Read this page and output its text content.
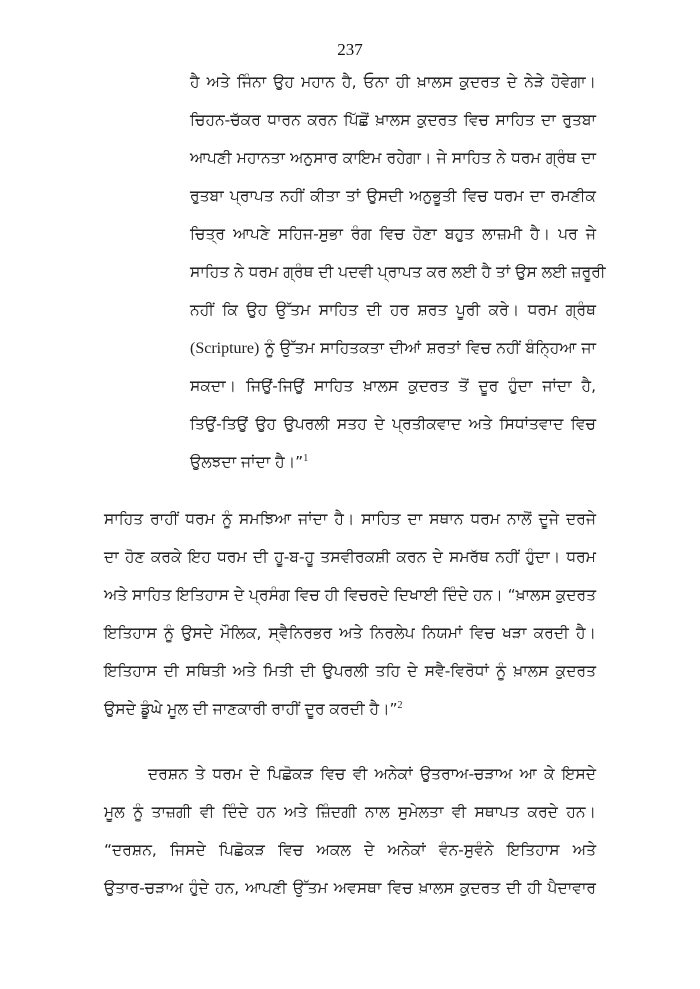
237
ਹੈ ਅਤੇ ਜਿੰਨਾ ਉਹ ਮਹਾਨ ਹੈ, ਓਨਾ ਹੀ ਖ਼ਾਲਸ ਕੁਦਰਤ ਦੇ ਨੇੜੇ ਹੋਵੇਗਾ।
ਚਿਹਨ-ਚੱਕਰ ਧਾਰਨ ਕਰਨ ਪਿੱਛੋਂ ਖ਼ਾਲਸ ਕੁਦਰਤ ਵਿਚ ਸਾਹਿਤ ਦਾ ਰੁਤਬਾ
ਆਪਣੀ ਮਹਾਨਤਾ ਅਨੁਸਾਰ ਕਾਇਮ ਰਹੇਗਾ। ਜੇ ਸਾਹਿਤ ਨੇ ਧਰਮ ਗ੍ਰੰਥ ਦਾ
ਰੁਤਬਾ ਪ੍ਰਾਪਤ ਨਹੀਂ ਕੀਤਾ ਤਾਂ ਉਸਦੀ ਅਨੁਭੂਤੀ ਵਿਚ ਧਰਮ ਦਾ ਰਮਣੀਕ
ਚਿਤ੍ਰ ਆਪਣੇ ਸਹਿਜ-ਸੁਭਾ ਰੰਗ ਵਿਚ ਹੋਣਾ ਬਹੁਤ ਲਾਜ਼ਮੀ ਹੈ। ਪਰ ਜੇ
ਸਾਹਿਤ ਨੇ ਧਰਮ ਗ੍ਰੰਥ ਦੀ ਪਦਵੀ ਪ੍ਰਾਪਤ ਕਰ ਲਈ ਹੈ ਤਾਂ ਉਸ ਲਈ ਜ਼ਰੂਰੀ
ਨਹੀਂ ਕਿ ਉਹ ਉੱਤਮ ਸਾਹਿਤ ਦੀ ਹਰ ਸ਼ਰਤ ਪੂਰੀ ਕਰੇ। ਧਰਮ ਗ੍ਰੰਥ
(Scripture) ਨੂੰ ਉੱਤਮ ਸਾਹਿਤਕਤਾ ਦੀਆਂ ਸ਼ਰਤਾਂ ਵਿਚ ਨਹੀਂ ਬੰਨ੍ਹਿਆ ਜਾ
ਸਕਦਾ। ਜਿਉਂ-ਜਿਉਂ ਸਾਹਿਤ ਖ਼ਾਲਸ ਕੁਦਰਤ ਤੋਂ ਦੂਰ ਹੁੰਦਾ ਜਾਂਦਾ ਹੈ,
ਤਿਉਂ-ਤਿਉਂ ਉਹ ਉਪਰਲੀ ਸਤਹ ਦੇ ਪ੍ਰਤੀਕਵਾਦ ਅਤੇ ਸਿਧਾਂਤਵਾਦ ਵਿਚ
ਉਲਝਦਾ ਜਾਂਦਾ ਹੈ।”$^1$
ਸਾਹਿਤ ਰਾਹੀਂ ਧਰਮ ਨੂੰ ਸਮਝਿਆ ਜਾਂਦਾ ਹੈ। ਸਾਹਿਤ ਦਾ ਸਥਾਨ ਧਰਮ ਨਾਲੋਂ ਦੂਜੇ ਦਰਜੇ
ਦਾ ਹੋਣ ਕਰਕੇ ਇਹ ਧਰਮ ਦੀ ਹੂ-ਬ-ਹੂ ਤਸਵੀਰਕਸ਼ੀ ਕਰਨ ਦੇ ਸਮਰੱਥ ਨਹੀਂ ਹੁੰਦਾ। ਧਰਮ
ਅਤੇ ਸਾਹਿਤ ਇਤਿਹਾਸ ਦੇ ਪ੍ਰਸੰਗ ਵਿਚ ਹੀ ਵਿਚਰਦੇ ਦਿਖਾਈ ਦਿੰਦੇ ਹਨ। “ਖ਼ਾਲਸ ਕੁਦਰਤ
ਇਤਿਹਾਸ ਨੂੰ ਉਸਦੇ ਮੌਲਿਕ, ਸ੍ਵੈਨਿਰਭਰ ਅਤੇ ਨਿਰਲੇਪ ਨਿਯਮਾਂ ਵਿਚ ਖੜਾ ਕਰਦੀ ਹੈ।
ਇਤਿਹਾਸ ਦੀ ਸਥਿਤੀ ਅਤੇ ਮਿਤੀ ਦੀ ਉਪਰਲੀ ਤਹਿ ਦੇ ਸਵੈ-ਵਿਰੋਧਾਂ ਨੂੰ ਖ਼ਾਲਸ ਕੁਦਰਤ
ਉਸਦੇ ਡੂੰਘੇ ਮੂਲ ਦੀ ਜਾਣਕਾਰੀ ਰਾਹੀਂ ਦੂਰ ਕਰਦੀ ਹੈ।”$^2$
ਦਰਸ਼ਨ ਤੇ ਧਰਮ ਦੇ ਪਿਛੋਕੜ ਵਿਚ ਵੀ ਅਨੇਕਾਂ ਉਤਰਾਅ-ਚੜਾਅ ਆ ਕੇ ਇਸਦੇ
ਮੂਲ ਨੂੰ ਤਾਜ਼ਗੀ ਵੀ ਦਿੰਦੇ ਹਨ ਅਤੇ ਜ਼ਿੰਦਗੀ ਨਾਲ ਸੁਮੇਲਤਾ ਵੀ ਸਥਾਪਤ ਕਰਦੇ ਹਨ।
“ਦਰਸ਼ਨ, ਜਿਸਦੇ ਪਿਛੋਕੜ ਵਿਚ ਅਕਲ ਦੇ ਅਨੇਕਾਂ ਵੰਨ-ਸੁਵੰਨੇ ਇਤਿਹਾਸ ਅਤੇ
ਉਤਾਰ-ਚੜਾਅ ਹੁੰਦੇ ਹਨ, ਆਪਣੀ ਉੱਤਮ ਅਵਸਥਾ ਵਿਚ ਖ਼ਾਲਸ ਕੁਦਰਤ ਦੀ ਹੀ ਪੈਦਾਵਾਰ
